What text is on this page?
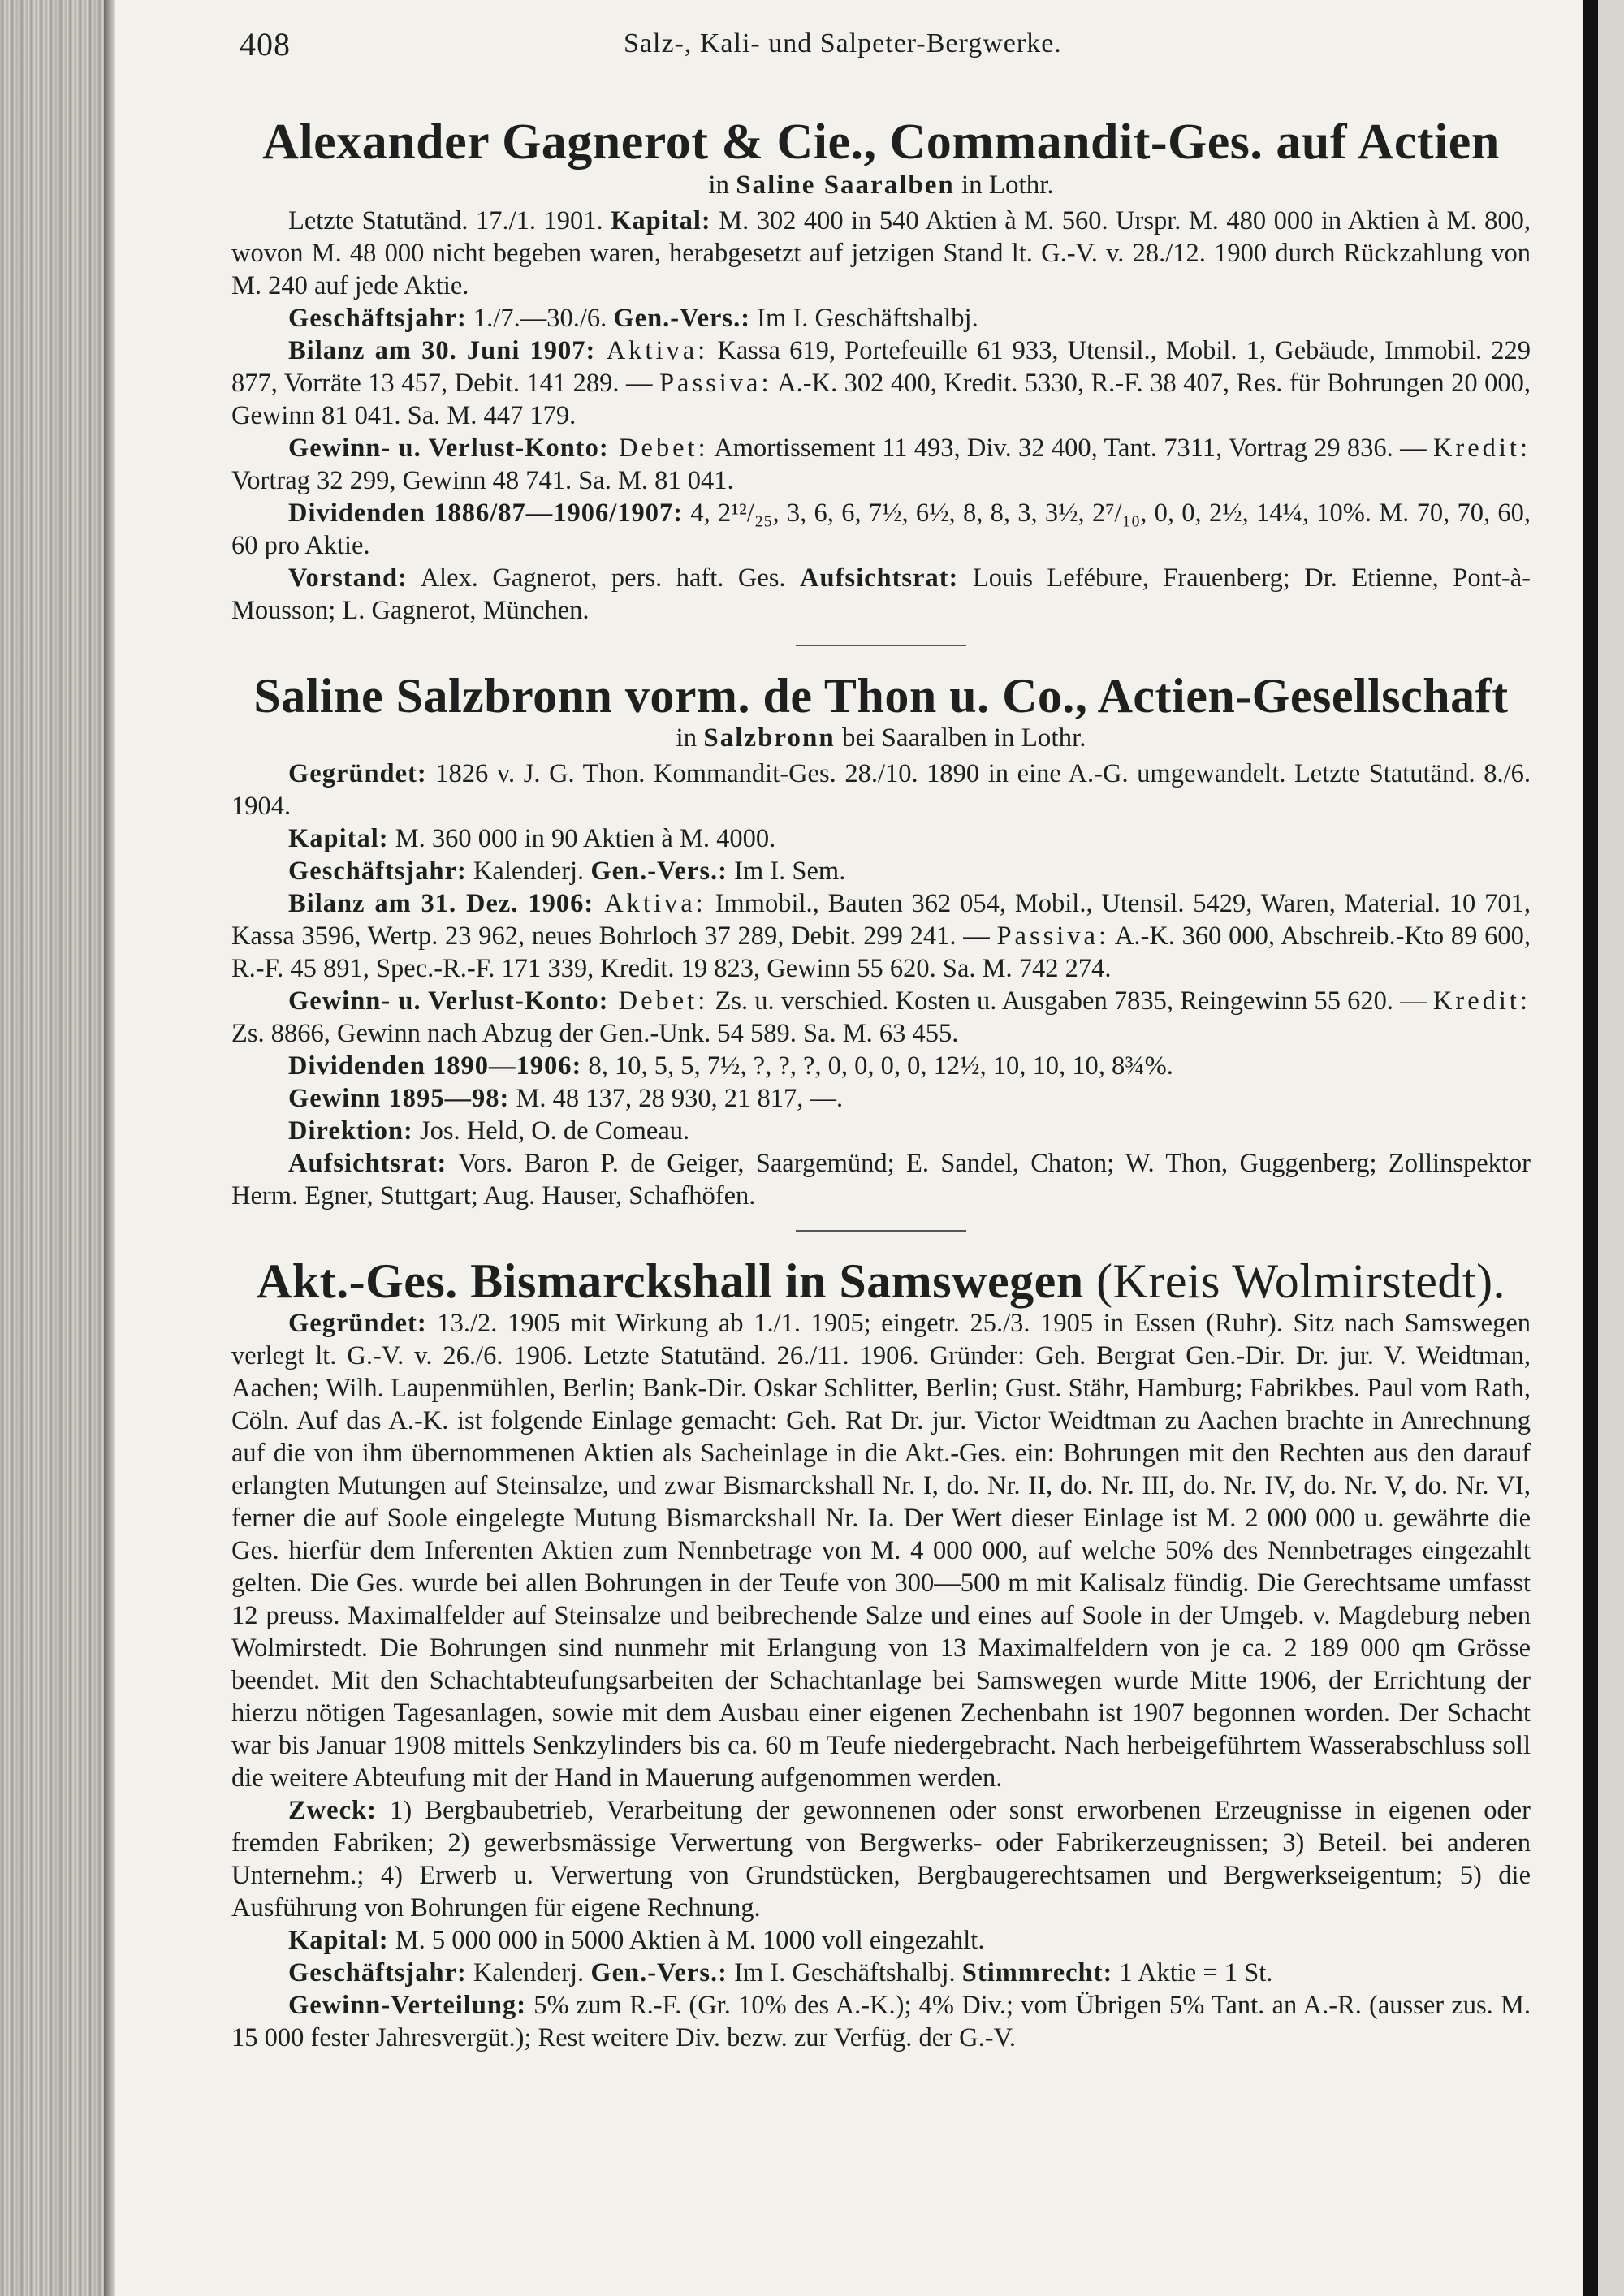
408	Salz-, Kali- und Salpeter-Bergwerke.
Alexander Gagnerot & Cie., Commandit-Ges. auf Actien
in Saline Saaralben in Lothr.

Letzte Statutänd. 17./1. 1901. Kapital: M. 302 400 in 540 Aktien à M. 560. Urspr. M. 480 000 in Aktien à M. 800, wovon M. 48 000 nicht begeben waren, herabgesetzt auf jetzigen Stand lt. G.-V. v. 28./12. 1900 durch Rückzahlung von M. 240 auf jede Aktie.

Geschäftsjahr: 1./7.—30./6. Gen.-Vers.: Im I. Geschäftshalbj.

Bilanz am 30. Juni 1907: Aktiva: Kassa 619, Portefeuille 61 933, Utensil., Mobil. 1, Gebäude, Immobil. 229 877, Vorräte 13 457, Debit. 141 289. — Passiva: A.-K. 302 400, Kredit. 5330, R.-F. 38 407, Res. für Bohrungen 20 000, Gewinn 81 041. Sa. M. 447 179.

Gewinn- u. Verlust-Konto: Debet: Amortissement 11 493, Div. 32 400, Tant. 7311, Vortrag 29 836. — Kredit: Vortrag 32 299, Gewinn 48 741. Sa. M. 81 041.

Dividenden 1886/87—1906/1907: 4, 2¹²/₂₅, 3, 6, 6, 7½, 6½, 8, 8, 3, 3½, 2⁷/₁₀, 0, 0, 2½, 14¼, 10%. M. 70, 70, 60, 60 pro Aktie.

Vorstand: Alex. Gagnerot, pers. haft. Ges. Aufsichtsrat: Louis Lefébure, Frauenberg; Dr. Etienne, Pont-à-Mousson; L. Gagnerot, München.

Saline Salzbronn vorm. de Thon u. Co., Actien-Gesellschaft
in Salzbronn bei Saaralben in Lothr.

Gegründet: 1826 v. J. G. Thon. Kommandit-Ges. 28./10. 1890 in eine A.-G. umgewandelt. Letzte Statutänd. 8./6. 1904.

Kapital: M. 360 000 in 90 Aktien à M. 4000.

Geschäftsjahr: Kalenderj. Gen.-Vers.: Im I. Sem.

Bilanz am 31. Dez. 1906: Aktiva: Immobil., Bauten 362 054, Mobil., Utensil. 5429, Waren, Material. 10 701, Kassa 3596, Wertp. 23 962, neues Bohrloch 37 289, Debit. 299 241. — Passiva: A.-K. 360 000, Abschreib.-Kto 89 600, R.-F. 45 891, Spec.-R.-F. 171 339, Kredit. 19 823, Gewinn 55 620. Sa. M. 742 274.

Gewinn- u. Verlust-Konto: Debet: Zs. u. verschied. Kosten u. Ausgaben 7835, Reingewinn 55 620. — Kredit: Zs. 8866, Gewinn nach Abzug der Gen.-Unk. 54 589. Sa. M. 63 455.

Dividenden 1890—1906: 8, 10, 5, 5, 7½, ?, ?, ?, 0, 0, 0, 0, 12½, 10, 10, 10, 8¾%.

Gewinn 1895—98: M. 48 137, 28 930, 21 817, —.

Direktion: Jos. Held, O. de Comeau.

Aufsichtsrat: Vors. Baron P. de Geiger, Saargemünd; E. Sandel, Chaton; W. Thon, Guggenberg; Zollinspektor Herm. Egner, Stuttgart; Aug. Hauser, Schafhöfen.

Akt.-Ges. Bismarckshall in Samswegen (Kreis Wolmirstedt).

Gegründet: 13./2. 1905 mit Wirkung ab 1./1. 1905; eingetr. 25./3. 1905 in Essen (Ruhr). Sitz nach Samswegen verlegt lt. G.-V. v. 26./6. 1906. Letzte Statutänd. 26./11. 1906. Gründer: Geh. Bergrat Gen.-Dir. Dr. jur. V. Weidtman, Aachen; Wilh. Laupenmühlen, Berlin; Bank-Dir. Oskar Schlitter, Berlin; Gust. Stähr, Hamburg; Fabrikbes. Paul vom Rath, Cöln. Auf das A.-K. ist folgende Einlage gemacht: Geh. Rat Dr. jur. Victor Weidtman zu Aachen brachte in Anrechnung auf die von ihm übernommenen Aktien als Sacheinlage in die Akt.-Ges. ein: Bohrungen mit den Rechten aus den darauf erlangten Mutungen auf Steinsalze, und zwar Bismarckshall Nr. I, do. Nr. II, do. Nr. III, do. Nr. IV, do. Nr. V, do. Nr. VI, ferner die auf Soole eingelegte Mutung Bismarckshall Nr. Ia. Der Wert dieser Einlage ist M. 2 000 000 u. gewährte die Ges. hierfür dem Inferenten Aktien zum Nennbetrage von M. 4 000 000, auf welche 50% des Nennbetrages eingezahlt gelten. Die Ges. wurde bei allen Bohrungen in der Teufe von 300—500 m mit Kalisalz fündig. Die Gerechtsame umfasst 12 preuss. Maximalfelder auf Steinsalze und beibrechende Salze und eines auf Soole in der Umgeb. v. Magdeburg neben Wolmirstedt. Die Bohrungen sind nunmehr mit Erlangung von 13 Maximalfeldern von je ca. 2 189 000 qm Grösse beendet. Mit den Schachtabteufungsarbeiten der Schachtanlage bei Samswegen wurde Mitte 1906, der Errichtung der hierzu nötigen Tagesanlagen, sowie mit dem Ausbau einer eigenen Zechenbahn ist 1907 begonnen worden. Der Schacht war bis Januar 1908 mittels Senkzylinders bis ca. 60 m Teufe niedergebracht. Nach herbeigeführtem Wasserabschluss soll die weitere Abteufung mit der Hand in Mauerung aufgenommen werden.

Zweck: 1) Bergbaubetrieb, Verarbeitung der gewonnenen oder sonst erworbenen Erzeugnisse in eigenen oder fremden Fabriken; 2) gewerbsmässige Verwertung von Bergwerks- oder Fabrikerzeugnissen; 3) Beteil. bei anderen Unternehm.; 4) Erwerb u. Verwertung von Grundstücken, Bergbaugerechtsamen und Bergwerkseigentum; 5) die Ausführung von Bohrungen für eigene Rechnung.

Kapital: M. 5 000 000 in 5000 Aktien à M. 1000 voll eingezahlt.

Geschäftsjahr: Kalenderj. Gen.-Vers.: Im I. Geschäftshalbj. Stimmrecht: 1 Aktie = 1 St.

Gewinn-Verteilung: 5% zum R.-F. (Gr. 10% des A.-K.); 4% Div.; vom Übrigen 5% Tant. an A.-R. (ausser zus. M. 15 000 fester Jahresvergüt.); Rest weitere Div. bezw. zur Verfüg. der G.-V.
